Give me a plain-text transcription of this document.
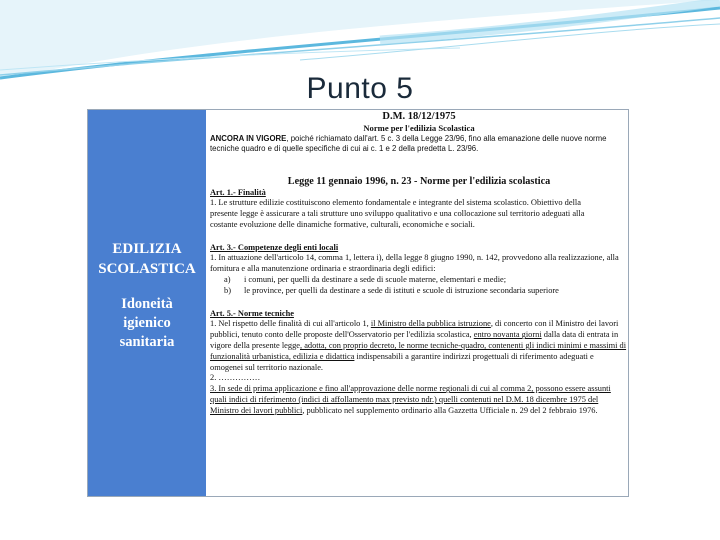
Punto 5
EDILIZIA
SCOLASTICA
Idoneità
igienico
sanitaria
D.M. 18/12/1975
Norme per l'edilizia Scolastica
ANCORA IN VIGORE, poiché richiamato dall'art. 5 c. 3 della Legge 23/96, fino alla emanazione delle nuove norme tecniche quadro e di quelle specifiche di cui ai c. 1 e 2 della predetta L. 23/96.
Legge 11 gennaio 1996, n. 23 - Norme per l'edilizia scolastica
Art. 1.- Finalità
1. Le strutture edilizie costituiscono elemento fondamentale e integrante del sistema scolastico. Obiettivo della
presente legge è assicurare a tali strutture uno sviluppo qualitativo e una collocazione sul territorio adeguati alla
costante evoluzione delle dinamiche formative, culturali, economiche e sociali.
Art. 3.- Competenze degli enti locali
1. In attuazione dell'articolo 14, comma 1, lettera i), della legge 8 giugno 1990, n. 142, provvedono alla realizzazione, alla fornitura e alla manutenzione ordinaria e straordinaria degli edifici:
a)	i comuni, per quelli da destinare a sede di scuole materne, elementari e medie;
b)	le province, per quelli da destinare a sede di istituti e scuole di istruzione secondaria superiore
Art. 5.- Norme tecniche
1. Nel rispetto delle finalità di cui all'articolo 1, il Ministro della pubblica istruzione, di concerto con il Ministro dei lavori pubblici, tenuto conto delle proposte dell'Osservatorio per l'edilizia scolastica, entro novanta giorni dalla data di entrata in vigore della presente legge, adotta, con proprio decreto, le norme tecniche-quadro, contenenti gli indici minimi e massimi di funzionalità urbanistica, edilizia e didattica indispensabili a garantire indirizzi progettuali di riferimento adeguati e omogenei sul territorio nazionale.
2. ……………
3. In sede di prima applicazione e fino all'approvazione delle norme regionali di cui al comma 2, possono essere assunti quali indici di riferimento (indici di affollamento max previsto ndr.) quelli contenuti nel D.M. 18 dicembre 1975 del Ministro dei lavori pubblici, pubblicato nel supplemento ordinario alla Gazzetta Ufficiale n. 29 del 2 febbraio 1976.
